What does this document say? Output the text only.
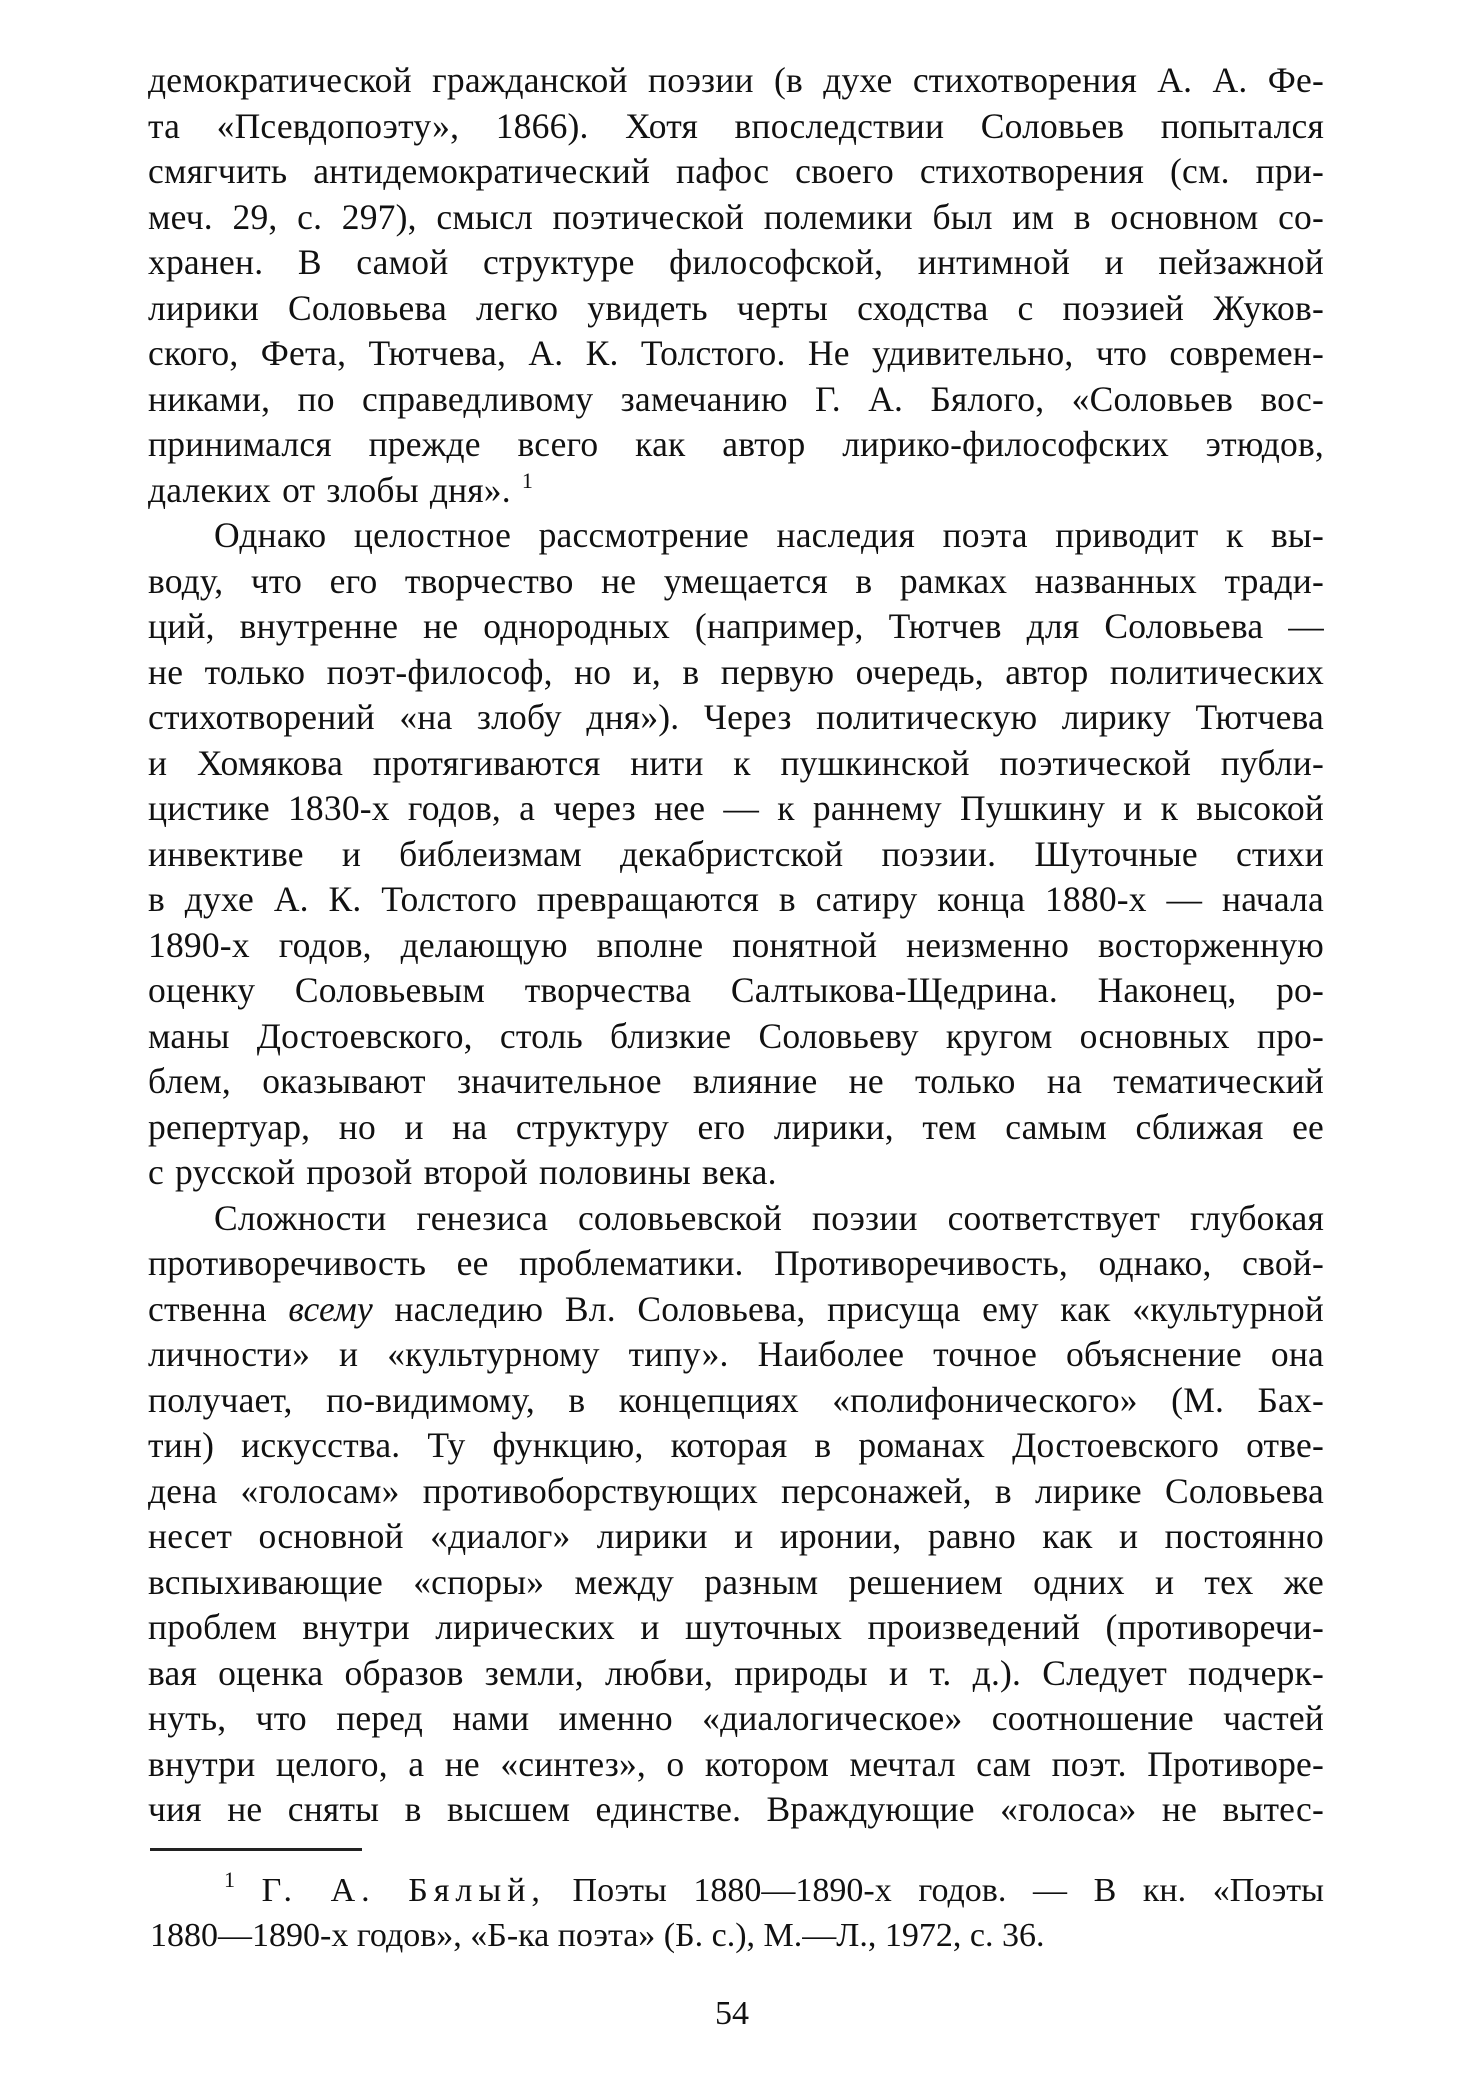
демократической гражданской поэзии (в духе стихотворения А. А. Фе-
та «Псевдопоэту», 1866). Хотя впоследствии Соловьев попытался
смягчить антидемократический пафос своего стихотворения (см. при-
меч. 29, с. 297), смысл поэтической полемики был им в основном со-
хранен. В самой структуре философской, интимной и пейзажной
лирики Соловьева легко увидеть черты сходства с поэзией Жуков-
ского, Фета, Тютчева, А. К. Толстого. Не удивительно, что современ-
никами, по справедливому замечанию Г. А. Бялого, «Соловьев вос-
принимался прежде всего как автор лирико-философских этюдов,
далеких от злобы дня». $^1$
Однако целостное рассмотрение наследия поэта приводит к вы-
воду, что его творчество не умещается в рамках названных тради-
ций, внутренне не однородных (например, Тютчев для Соловьева —
не только поэт-философ, но и, в первую очередь, автор политических
стихотворений «на злобу дня»). Через политическую лирику Тютчева
и Хомякова протягиваются нити к пушкинской поэтической публи-
цистике 1830-х годов, а через нее — к раннему Пушкину и к высокой
инвективе и библеизмам декабристской поэзии. Шуточные стихи
в духе А. К. Толстого превращаются в сатиру конца 1880-х — начала
1890-х годов, делающую вполне понятной неизменно восторженную
оценку Соловьевым творчества Салтыкова-Щедрина. Наконец, ро-
маны Достоевского, столь близкие Соловьеву кругом основных про-
блем, оказывают значительное влияние не только на тематический
репертуар, но и на структуру его лирики, тем самым сближая ее
с русской прозой второй половины века.
Сложности генезиса соловьевской поэзии соответствует глубокая
противоречивость ее проблематики. Противоречивость, однако, свой-
ственна всему наследию Вл. Соловьева, присуща ему как «культурной
личности» и «культурному типу». Наиболее точное объяснение она
получает, по-видимому, в концепциях «полифонического» (М. Бах-
тин) искусства. Ту функцию, которая в романах Достоевского отве-
дена «голосам» противоборствующих персонажей, в лирике Соловьева
несет основной «диалог» лирики и иронии, равно как и постоянно
вспыхивающие «споры» между разным решением одних и тех же
проблем внутри лирических и шуточных произведений (противоречи-
вая оценка образов земли, любви, природы и т. д.). Следует подчерк-
нуть, что перед нами именно «диалогическое» соотношение частей
внутри целого, а не «синтез», о котором мечтал сам поэт. Противоре-
чия не сняты в высшем единстве. Враждующие «голоса» не вытес-
$^1$ Г. А. Бялый, Поэты 1880—1890-х годов. — В кн. «Поэты
1880—1890-х годов», «Б-ка поэта» (Б. с.), М.—Л., 1972, с. 36.
54
